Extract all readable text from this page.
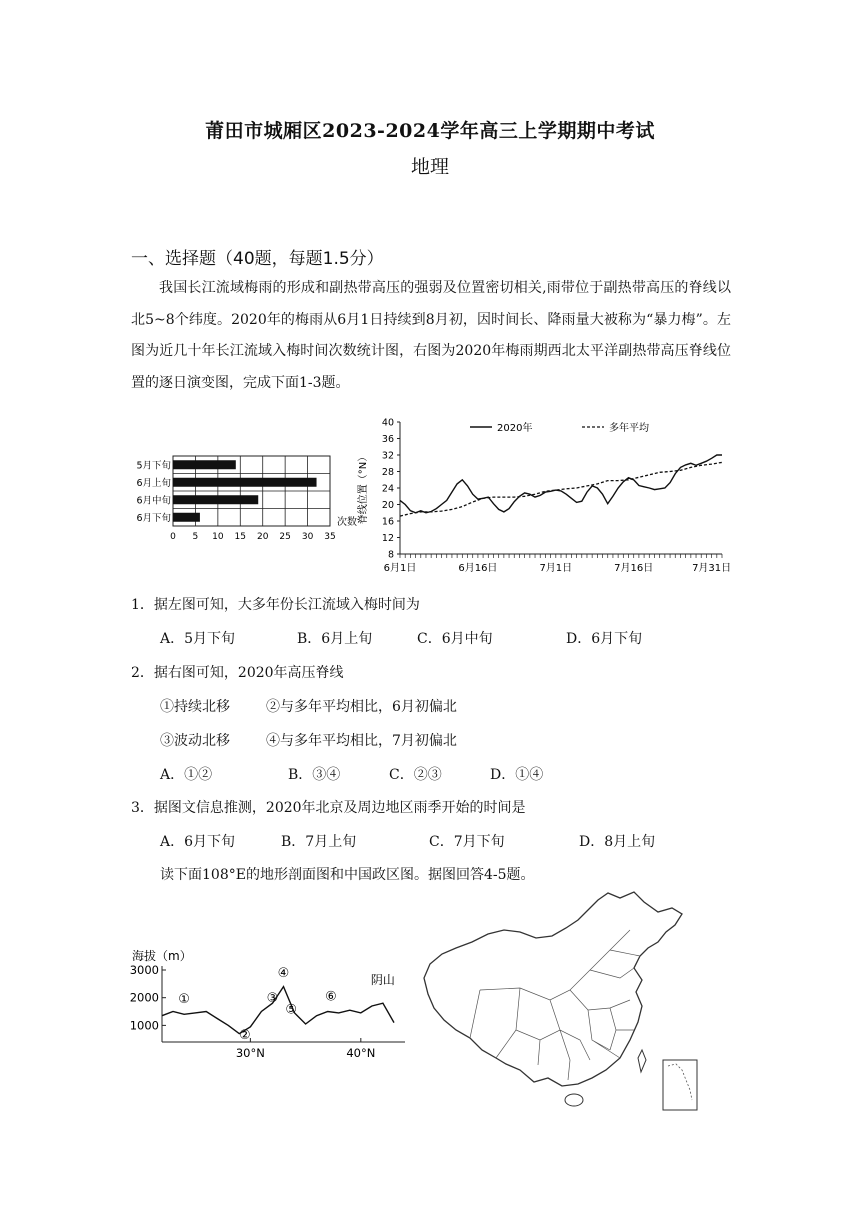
莆田市城厢区2023-2024学年高三上学期期中考试
地理
一、选择题（40题，每题1.5分）
我国长江流域梅雨的形成和副热带高压的强弱及位置密切相关,雨带位于副热带高压的脊线以北5~8个纬度。2020年的梅雨从6月1日持续到8月初，因时间长、降雨量大被称为“暴力梅”。左图为近几十年长江流域入梅时间次数统计图，右图为2020年梅雨期西北太平洋副热带高压脊线位置的逐日演变图，完成下面1-3题。
0 5 10 15 20 25 30 35
5月下旬
6月上旬
6月中旬
6月下旬	次数
8
12
16
20
24
28
32
36
40
6月1日	6月16日	7月1日	7月16日	7月31日
脊线位置（°N）
2020年	多年平均
1．据左图可知，大多年份长江流域入梅时间为
A．5月下旬	B．6月上旬	C．6月中旬	D．6月下旬
2．据右图可知，2020年高压脊线
①持续北移	②与多年平均相比，6月初偏北
③波动北移	④与多年平均相比，7月初偏北
A．①②	B．③④	C．②③	D．①④
3．据图文信息推测，2020年北京及周边地区雨季开始的时间是
A．6月下旬	B．7月上旬	C．7月下旬	D．8月上旬
读下面108°E的地形剖面图和中国政区图。据图回答4-5题。
海拔（m）
1000
2000
3000
30°N	40°N
①
②
③
④
⑤
⑥
阴山
